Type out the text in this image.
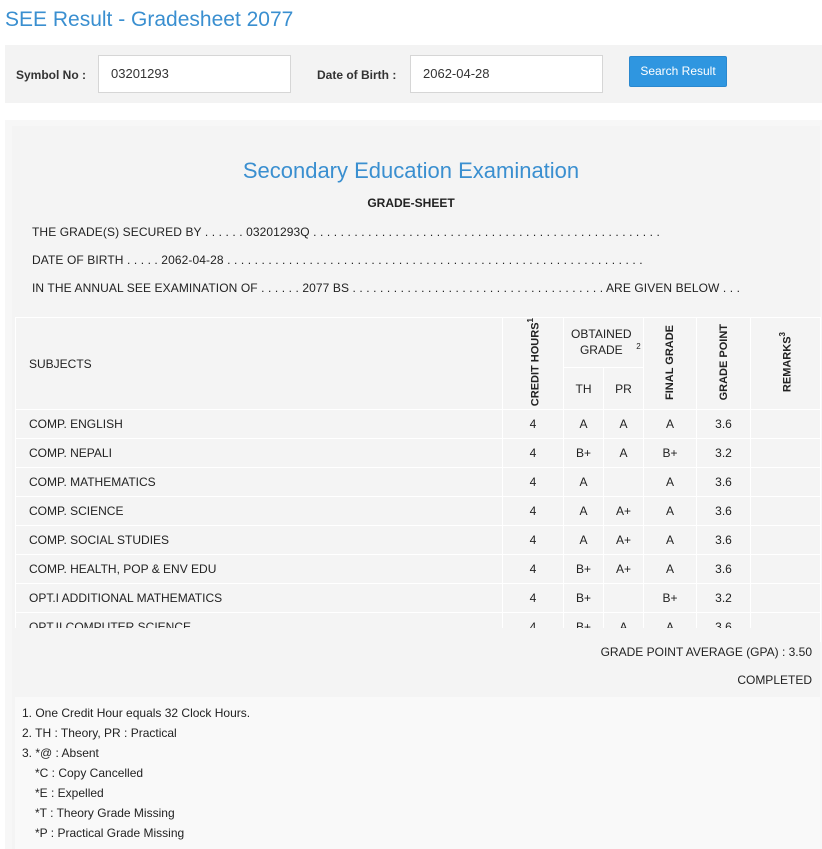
SEE Result - Gradesheet 2077
Symbol No :	03201293	Date of Birth :	2062-04-28	Search Result
Secondary Education Examination
GRADE-SHEET
THE GRADE(S) SECURED BY . . . . . . 03201293Q . . . . . . . . . . . . . . . . . . . . . . . . . . . . . . . . . . . . . . . . . . . . . . . . . . .
DATE OF BIRTH . . . . . 2062-04-28 . . . . . . . . . . . . . . . . . . . . . . . . . . . . . . . . . . . . . . . . . . . . . . . . . . . . . . . . . . . . .
IN THE ANNUAL SEE EXAMINATION OF . . . . . . 2077 BS . . . . . . . . . . . . . . . . . . . . . . . . . . . . . . . . . . . . . ARE GIVEN BELOW . . .
SUBJECTS	CREDIT HOURS$^1$	OBTAINED GRADE $^2$		FINAL GRADE	GRADE POINT	REMARKS$^3$
		TH	PR			
COMP. ENGLISH	4	A	A	A	3.6	
COMP. NEPALI	4	B+	A	B+	3.2	
COMP. MATHEMATICS	4	A		A	3.6	
COMP. SCIENCE	4	A	A+	A	3.6	
COMP. SOCIAL STUDIES	4	A	A+	A	3.6	
COMP. HEALTH, POP & ENV EDU	4	B+	A+	A	3.6	
OPT.I ADDITIONAL MATHEMATICS	4	B+		B+	3.2	

GRADE POINT AVERAGE (GPA) : 3.50
COMPLETED
1. One Credit Hour equals 32 Clock Hours.
2. TH : Theory, PR : Practical
3. *@ : Absent
*C : Copy Cancelled
*E : Expelled
*T : Theory Grade Missing
*P : Practical Grade Missing
